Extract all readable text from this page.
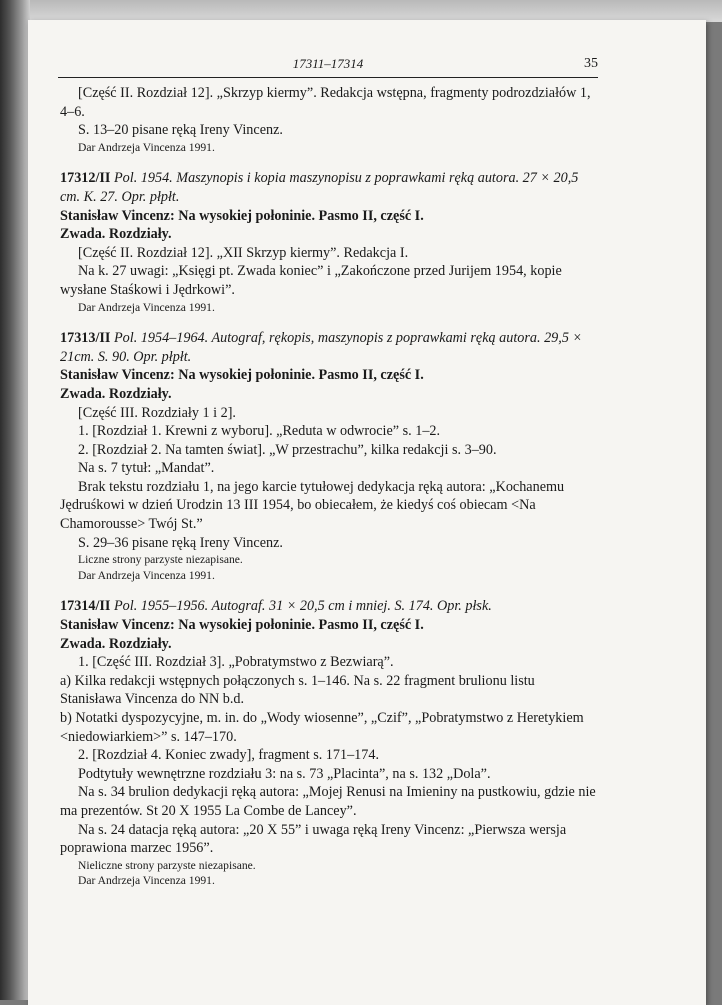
17311–17314	35

[Część II. Rozdział 12]. „Skrzyp kiermy”. Redakcja wstępna, fragmenty podrozdziałów 1, 4–6.

S. 13–20 pisane ręką Ireny Vincenz.

Dar Andrzeja Vincenza 1991.

17312/II Pol. 1954. Maszynopis i kopia maszynopisu z poprawkami ręką autora. 27 × 20,5 cm. K. 27. Opr. płpłt.

Stanisław Vincenz: Na wysokiej połoninie. Pasmo II, część I.

Zwada. Rozdziały.

[Część II. Rozdział 12]. „XII Skrzyp kiermy”. Redakcja I.

Na k. 27 uwagi: „Księgi pt. Zwada koniec” i „Zakończone przed Jurijem 1954, kopie wysłane Staśkowi i Jędrkowi”.

Dar Andrzeja Vincenza 1991.

17313/II Pol. 1954–1964. Autograf, rękopis, maszynopis z poprawkami ręką autora. 29,5 × 21cm. S. 90. Opr. płpłt.

Stanisław Vincenz: Na wysokiej połoninie. Pasmo II, część I.

Zwada. Rozdziały.

[Część III. Rozdziały 1 i 2].

1. [Rozdział 1. Krewni z wyboru]. „Reduta w odwrocie” s. 1–2.

2. [Rozdział 2. Na tamten świat]. „W przestrachu”, kilka redakcji s. 3–90.

Na s. 7 tytuł: „Mandat”.

Brak tekstu rozdziału 1, na jego karcie tytułowej dedykacja ręką autora: „Kochanemu Jędruśkowi w dzień Urodzin 13 III 1954, bo obiecałem, że kiedyś coś obiecam <Na Chamorousse> Twój St.”

S. 29–36 pisane ręką Ireny Vincenz.

Liczne strony parzyste niezapisane.

Dar Andrzeja Vincenza 1991.

17314/II Pol. 1955–1956. Autograf. 31 × 20,5 cm i mniej. S. 174. Opr. płsk.

Stanisław Vincenz: Na wysokiej połoninie. Pasmo II, część I.

Zwada. Rozdziały.

1. [Część III. Rozdział 3]. „Pobratymstwo z Bezwiarą”.

a) Kilka redakcji wstępnych połączonych s. 1–146. Na s. 22 fragment brulionu listu Stanisława Vincenza do NN b.d.

b) Notatki dyspozycyjne, m. in. do „Wody wiosenne”, „Czif”, „Pobratymstwo z Heretykiem <niedowiarkiem>” s. 147–170.

2. [Rozdział 4. Koniec zwady], fragment s. 171–174.

Podtytuły wewnętrzne rozdziału 3: na s. 73 „Placinta”, na s. 132 „Dola”.

Na s. 34 brulion dedykacji ręką autora: „Mojej Renusi na Imieniny na pustkowiu, gdzie nie ma prezentów. St 20 X 1955 La Combe de Lancey”.

Na s. 24 datacja ręką autora: „20 X 55” i uwaga ręką Ireny Vincenz: „Pierwsza wersja poprawiona marzec 1956”.

Nieliczne strony parzyste niezapisane.

Dar Andrzeja Vincenza 1991.
